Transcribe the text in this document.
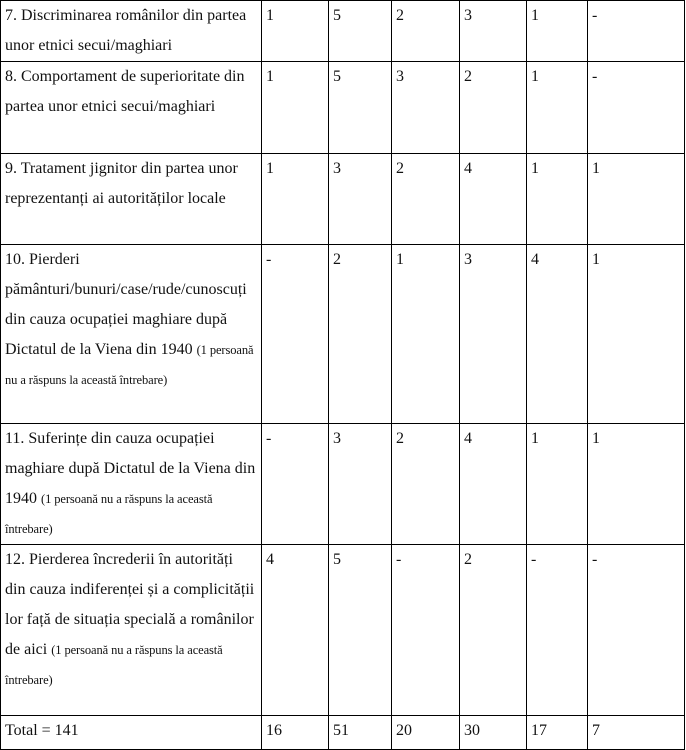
7. Discriminarea românilor din partea unor etnici secui/maghiari	1	5	2	3	1	-
8. Comportament de superioritate din partea unor etnici secui/maghiari	1	5	3	2	1	-
9. Tratament jignitor din partea unor reprezentanți ai autorităților locale	1	3	2	4	1	1
10. Pierderi pământuri/bunuri/case/rude/cunoscuți din cauza ocupației maghiare după Dictatul de la Viena din 1940 (1 persoană nu a răspuns la această întrebare)	-	2	1	3	4	1
11. Suferințe din cauza ocupației maghiare după Dictatul de la Viena din 1940 (1 persoană nu a răspuns la această întrebare)	-	3	2	4	1	1
12. Pierderea încrederii în autorități din cauza indiferenței și a complicității lor față de situația specială a românilor de aici (1 persoană nu a răspuns la această întrebare)	4	5	-	2	-	-
Total = 141	16	51	20	30	17	7
